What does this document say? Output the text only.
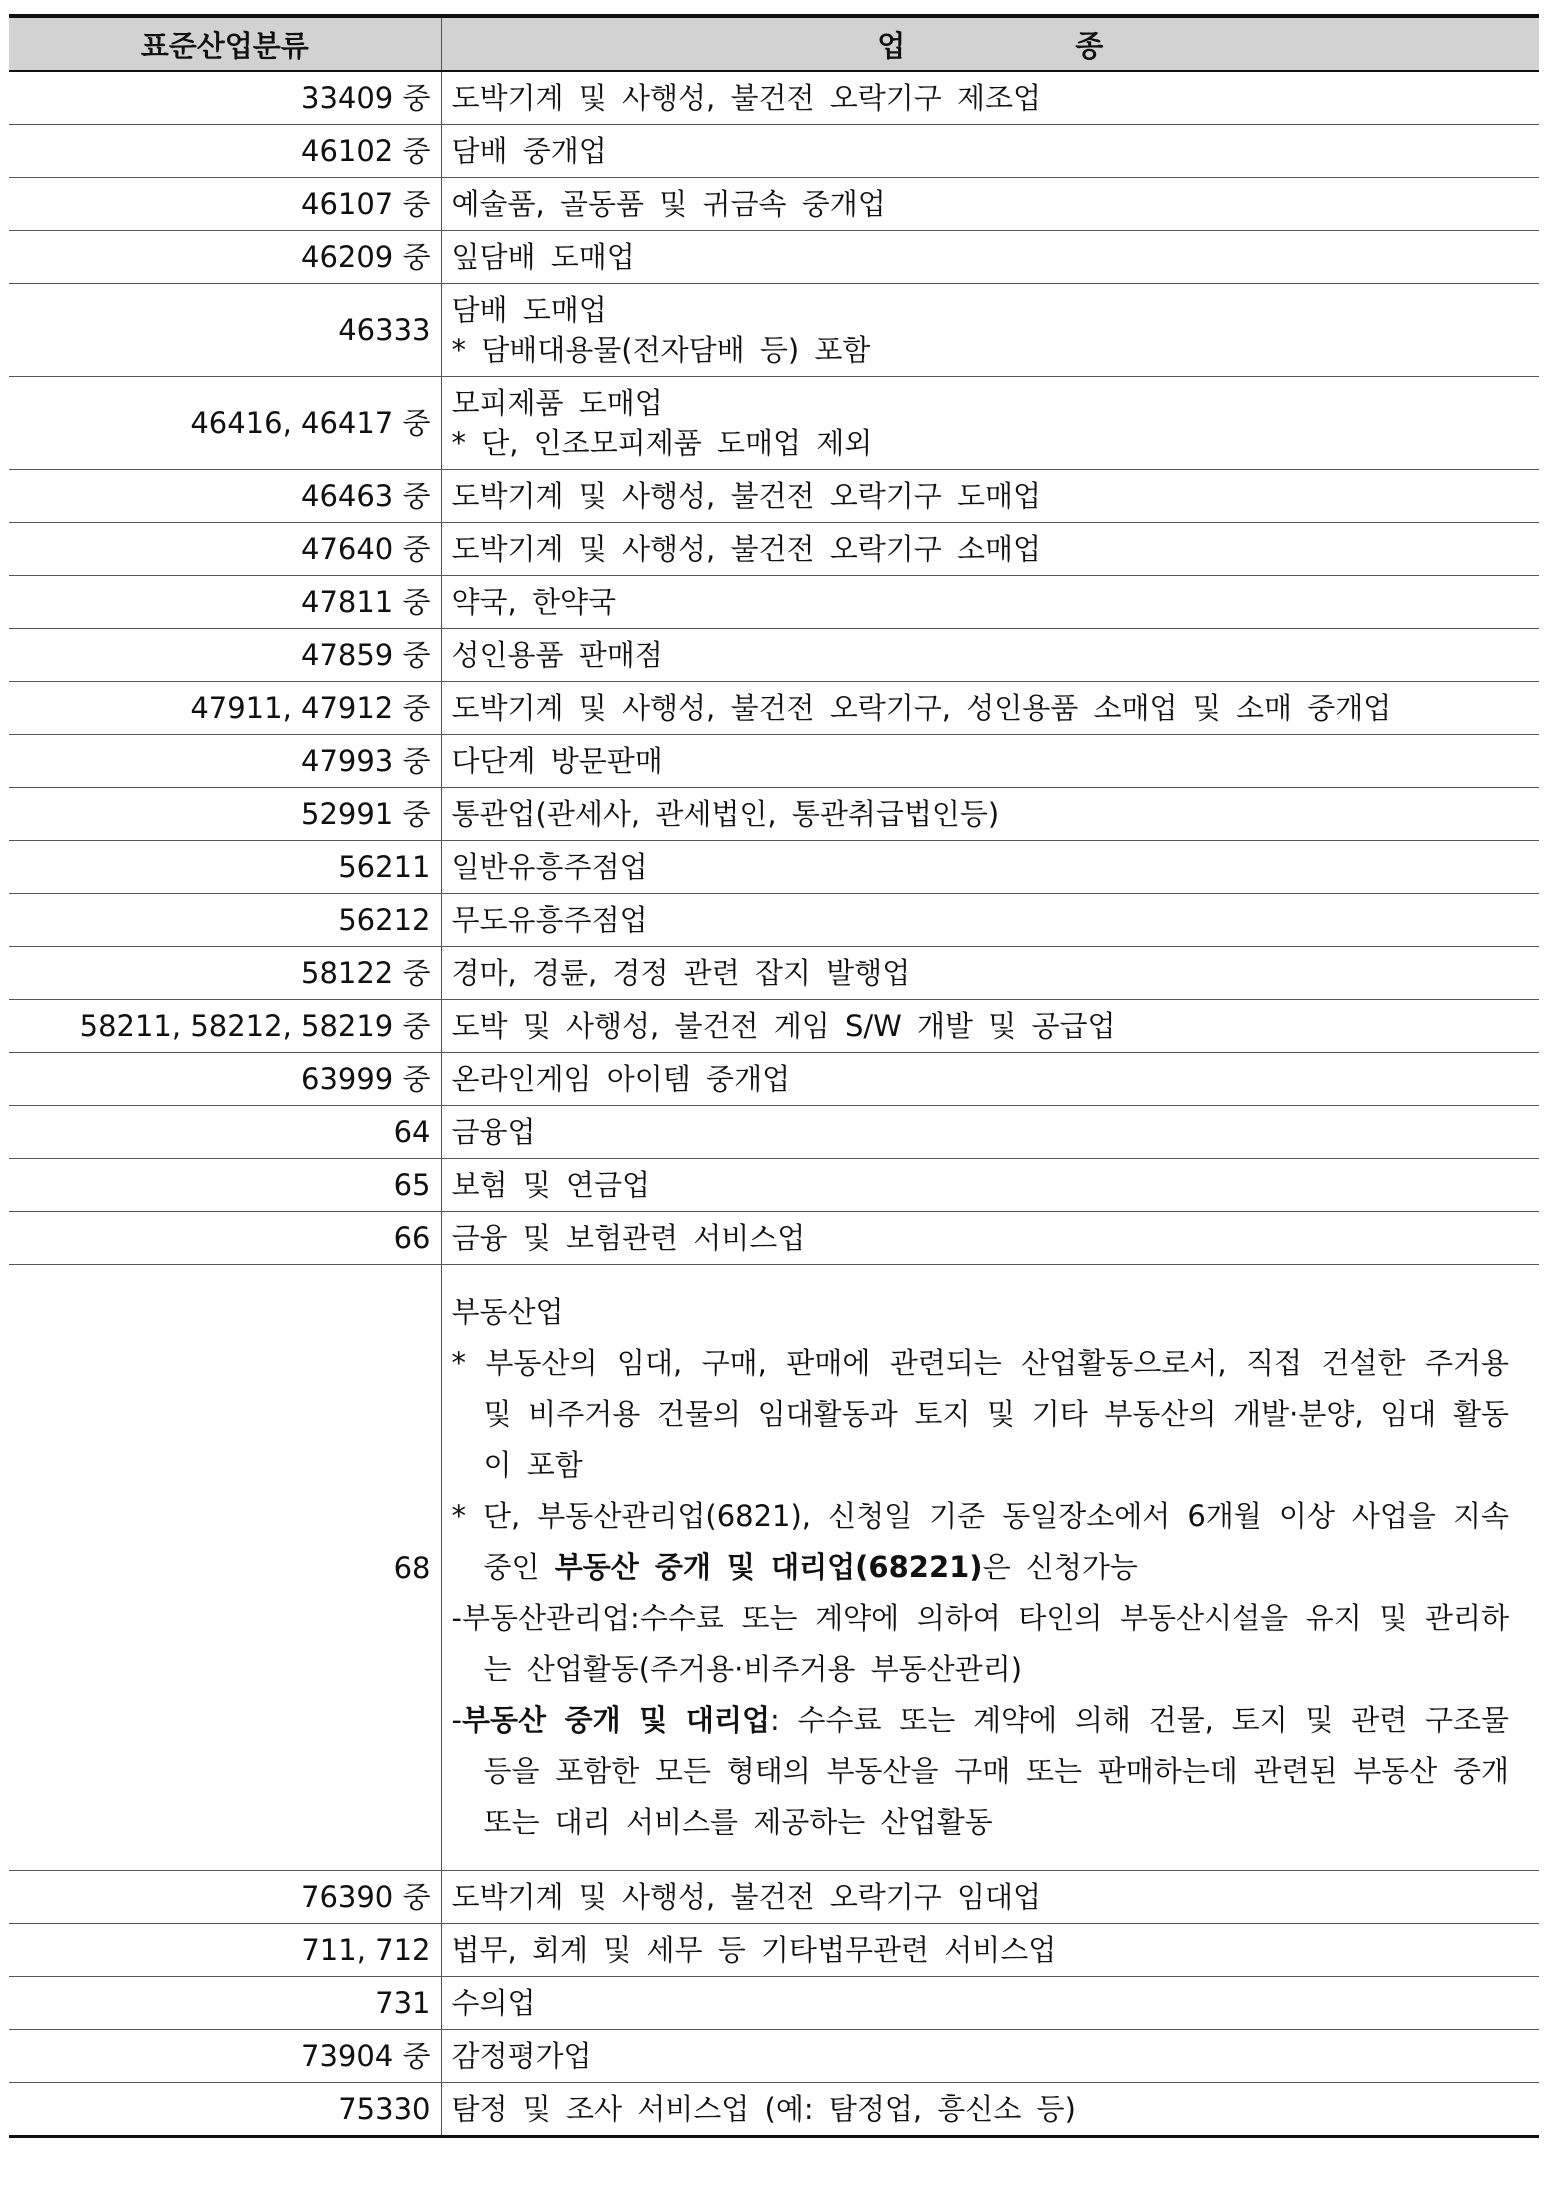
표준산업분류	업 종
33409 중	도박기계 및 사행성, 불건전 오락기구 제조업
46102 중	담배 중개업
46107 중	예술품, 골동품 및 귀금속 중개업
46209 중	잎담배 도매업
46333	담배 도매업
* 담배대용물(전자담배 등) 포함

46416, 46417 중	모피제품 도매업
* 단, 인조모피제품 도매업 제외

46463 중	도박기계 및 사행성, 불건전 오락기구 도매업
47640 중	도박기계 및 사행성, 불건전 오락기구 소매업
47811 중	약국, 한약국
47859 중	성인용품 판매점
47911, 47912 중	도박기계 및 사행성, 불건전 오락기구, 성인용품 소매업 및 소매 중개업
47993 중	다단계 방문판매
52991 중	통관업(관세사, 관세법인, 통관취급법인등)
56211	일반유흥주점업
56212	무도유흥주점업
58122 중	경마, 경륜, 경정 관련 잡지 발행업
58211, 58212, 58219 중	도박 및 사행성, 불건전 게임 S/W 개발 및 공급업
63999 중	온라인게임 아이템 중개업
64	금융업
65	보험 및 연금업
66	금융 및 보험관련 서비스업
68	부동산업
* 부동산의 임대, 구매, 판매에 관련되는 산업활동으로서, 직접 건설한 주거용 및 비주거용 건물의 임대활동과 토지 및 기타 부동산의 개발·분양, 임대 활동이 포함
* 단, 부동산관리업(6821), 신청일 기준 동일장소에서 6개월 이상 사업을 지속 중인 부동산 중개 및 대리업(68221)은 신청가능
-부동산관리업:수수료 또는 계약에 의하여 타인의 부동산시설을 유지 및 관리하는 산업활동(주거용·비주거용 부동산관리)
-부동산 중개 및 대리업: 수수료 또는 계약에 의해 건물, 토지 및 관련 구조물 등을 포함한 모든 형태의 부동산을 구매 또는 판매하는데 관련된 부동산 중개 또는 대리 서비스를 제공하는 산업활동

76390 중	도박기계 및 사행성, 불건전 오락기구 임대업
711, 712	법무, 회계 및 세무 등 기타법무관련 서비스업
731	수의업
73904 중	감정평가업
75330	탐정 및 조사 서비스업 (예: 탐정업, 흥신소 등)
